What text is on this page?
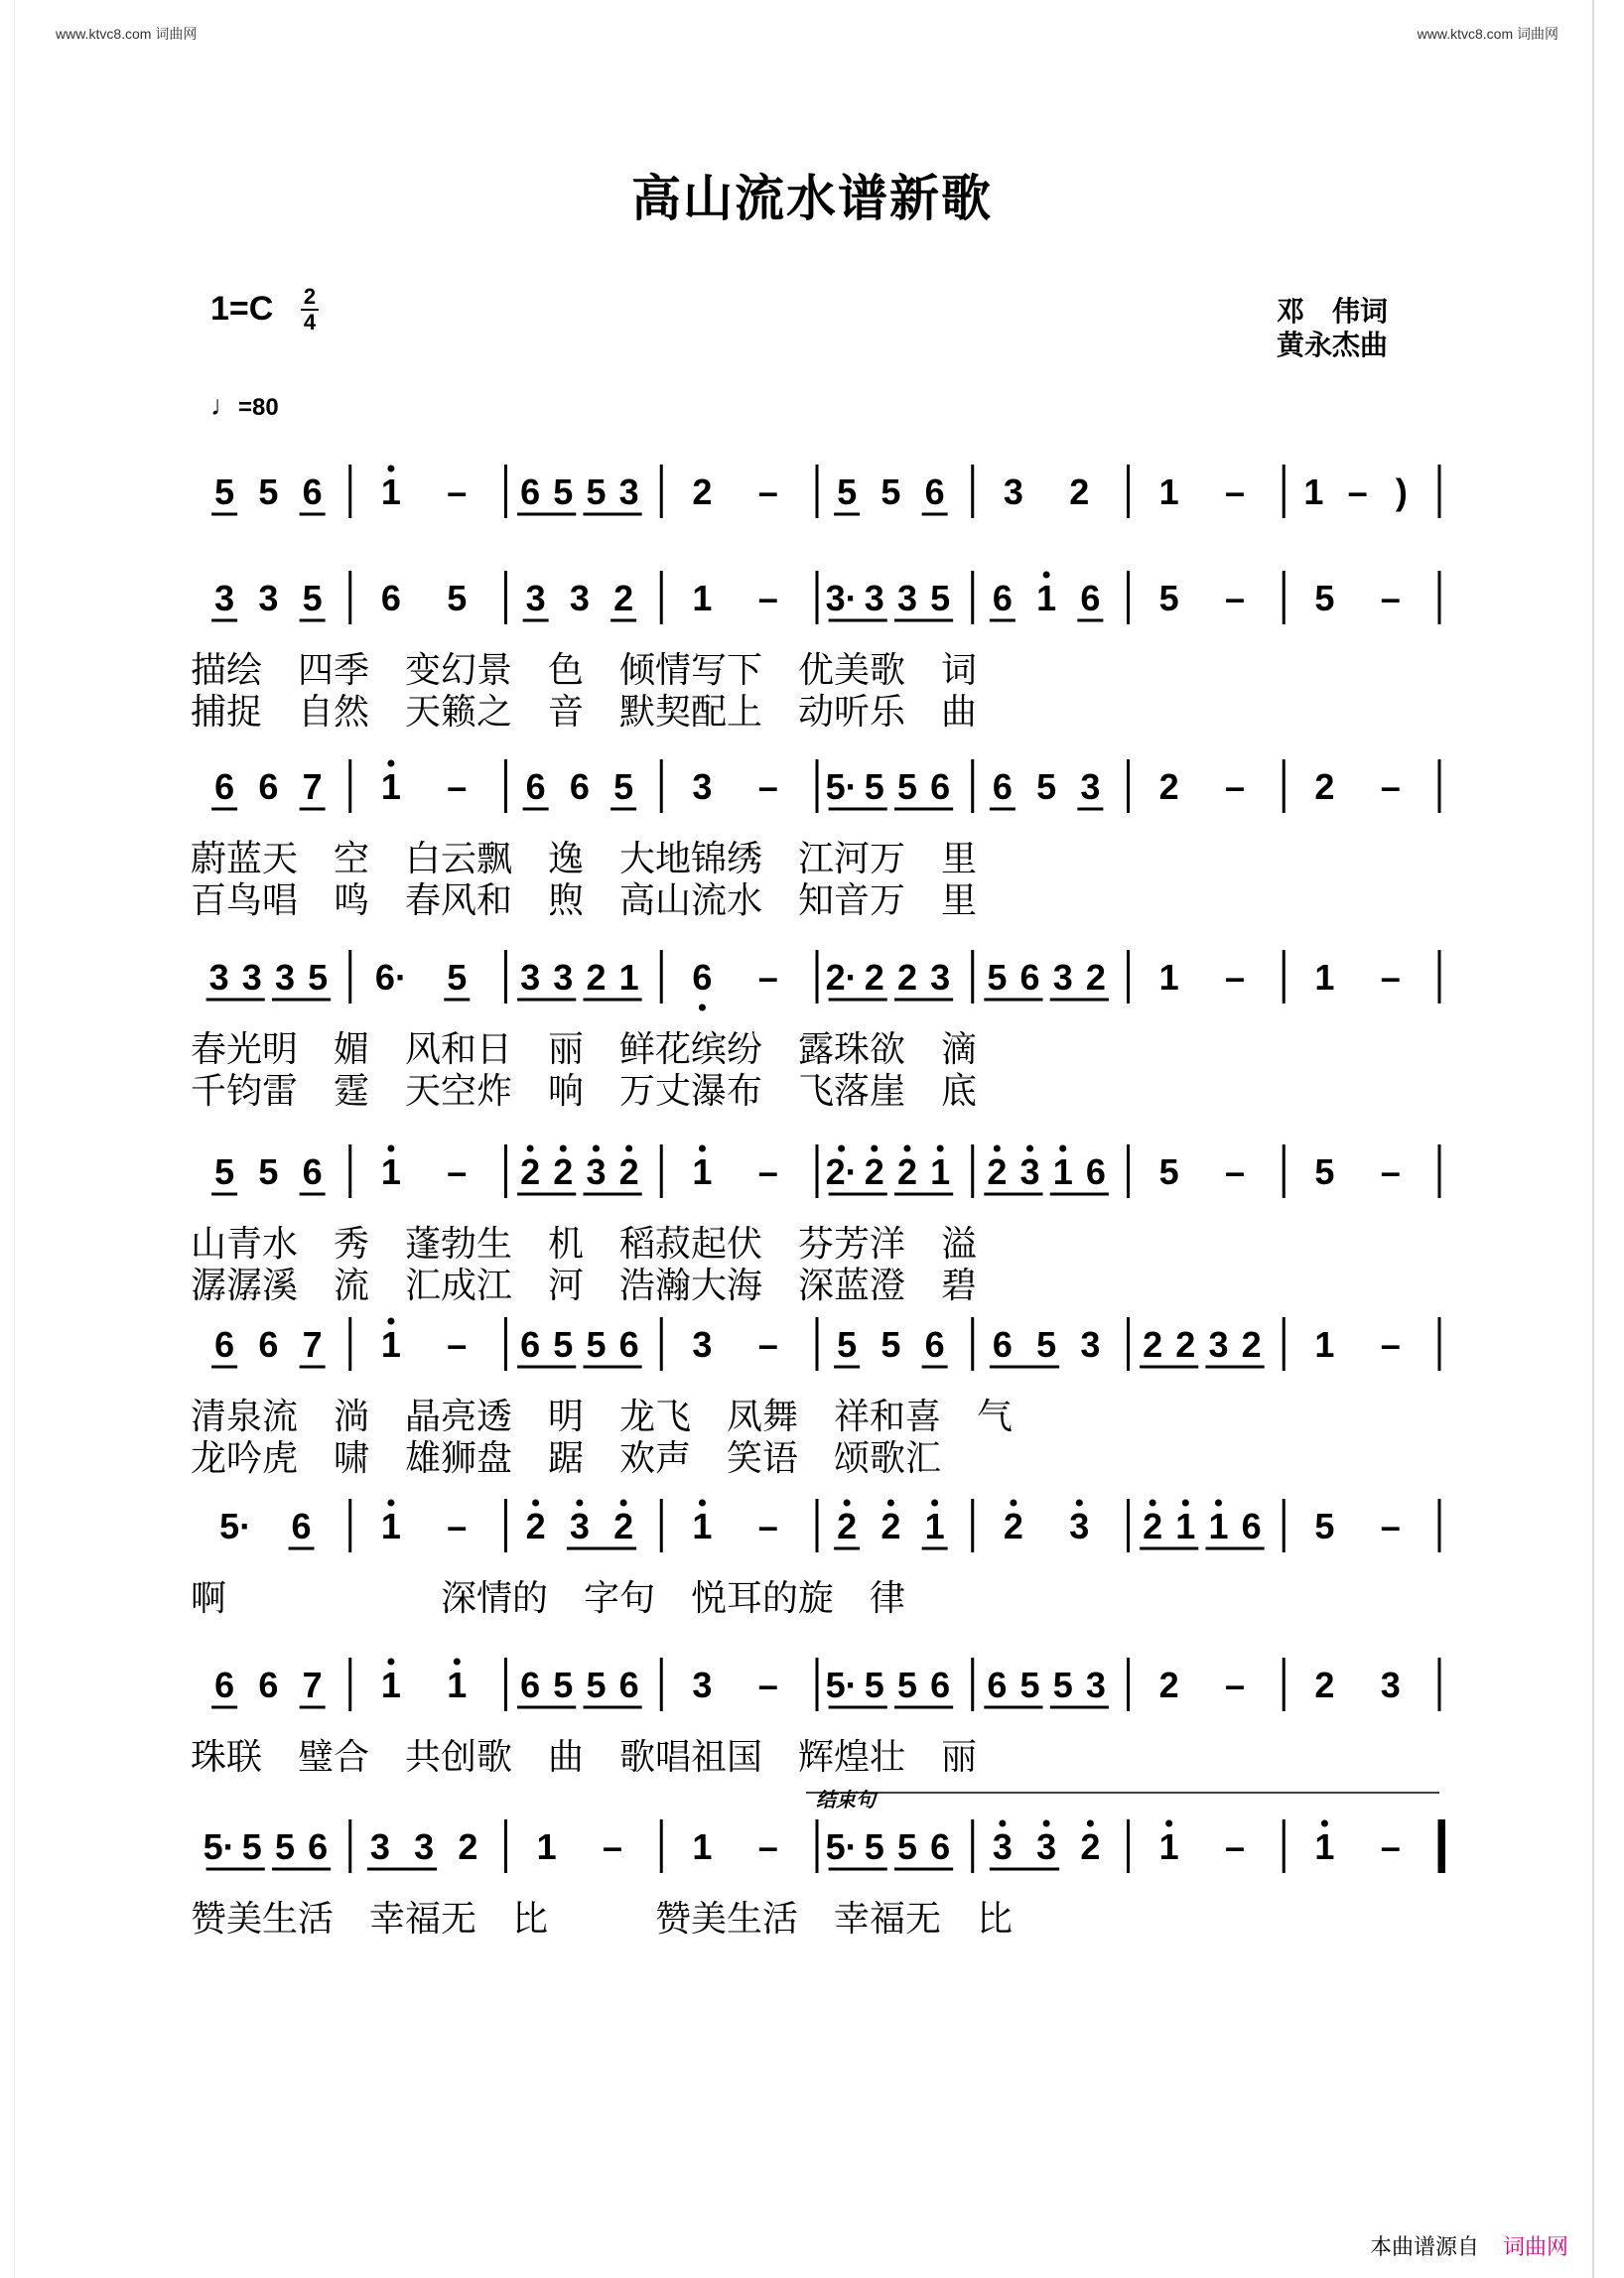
www.ktvc8.com 词曲网	www.ktvc8.com 词曲网
高山流水谱新歌
1=C 2
4	邓　伟词
黄永杰曲
♩=80
5 5 6 1 – 6 5 5 3 2 – 5 5 6 3 2 1 – 1 – )
3 3 5 6 5 3 3 2 1 – 3· 3 3 5 6 1 6 5 – 5 –
描绘　四季　变幻景　色　倾情写下　优美歌　词
捕捉　自然　天籁之　音　默契配上　动听乐　曲
6 6 7 1 – 6 6 5 3 – 5· 5 5 6 6 5 3 2 – 2 –
蔚蓝天　空　白云飘　逸　大地锦绣　江河万　里
百鸟唱　鸣　春风和　煦　高山流水　知音万　里
3 3 3 5 6· 5 3 3 2 1 6 – 2· 2 2 3 5 6 3 2 1 – 1 –
春光明　媚　风和日　丽　鲜花缤纷　露珠欲　滴
千钧雷　霆　天空炸　响　万丈瀑布　飞落崖　底
5 5 6 1 – 2 2 3 2 1 – 2· 2 2 1 2 3 1 6 5 – 5 –
山青水　秀　蓬勃生　机　稻菽起伏　芬芳洋　溢
潺潺溪　流　汇成江　河　浩瀚大海　深蓝澄　碧
6 6 7 1 – 6 5 5 6 3 – 5 5 6 6 5 3 2 2 3 2 1 –
清泉流　淌　晶亮透　明　龙飞　凤舞　祥和喜　气
龙吟虎　啸　雄狮盘　踞　欢声　笑语　颂歌汇
5· 6 1 – 2 3 2 1 – 2 2 1 2 3 2 1 1 6 5 –
啊　　　　　　深情的　字句　悦耳的旋　律
6 6 7 1 1 6 5 5 6 3 – 5· 5 5 6 6 5 5 3 2 – 2 3
珠联　璧合　共创歌　曲　歌唱祖国　辉煌壮　丽
5· 5 5 6 3 3 2 1 – 1 – 5· 5 5 6 3 3 2 1 – 1 –
赞美生活　幸福无　比　　　赞美生活　幸福无　比
结束句
本曲谱源自 词曲网
